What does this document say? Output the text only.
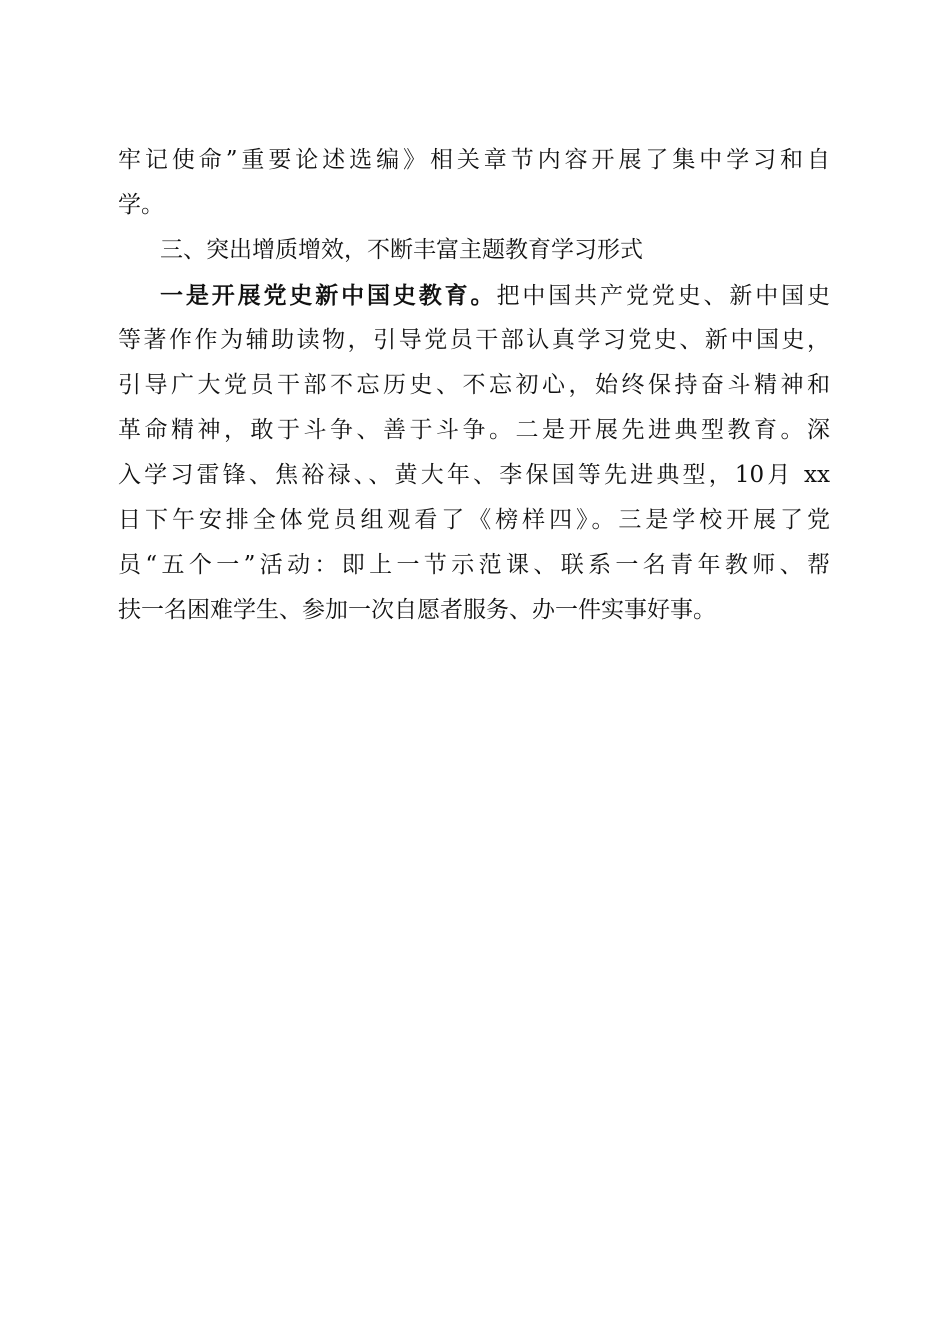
牢记使命”重要论述选编》相关章节内容开展了集中学习和自
学。
三、突出增质增效，不断丰富主题教育学习形式
一是开展党史新中国史教育。把中国共产党党史、新中国史
等著作作为辅助读物，引导党员干部认真学习党史、新中国史，
引导广大党员干部不忘历史、不忘初心，始终保持奋斗精神和
革命精神，敢于斗争、善于斗争。二是开展先进典型教育。深
入学习雷锋、焦裕禄、、黄大年、李保国等先进典型，10月 xx
日下午安排全体党员组观看了《榜样四》。三是学校开展了党
员“五个一”活动：即上一节示范课、联系一名青年教师、帮
扶一名困难学生、参加一次自愿者服务、办一件实事好事。
